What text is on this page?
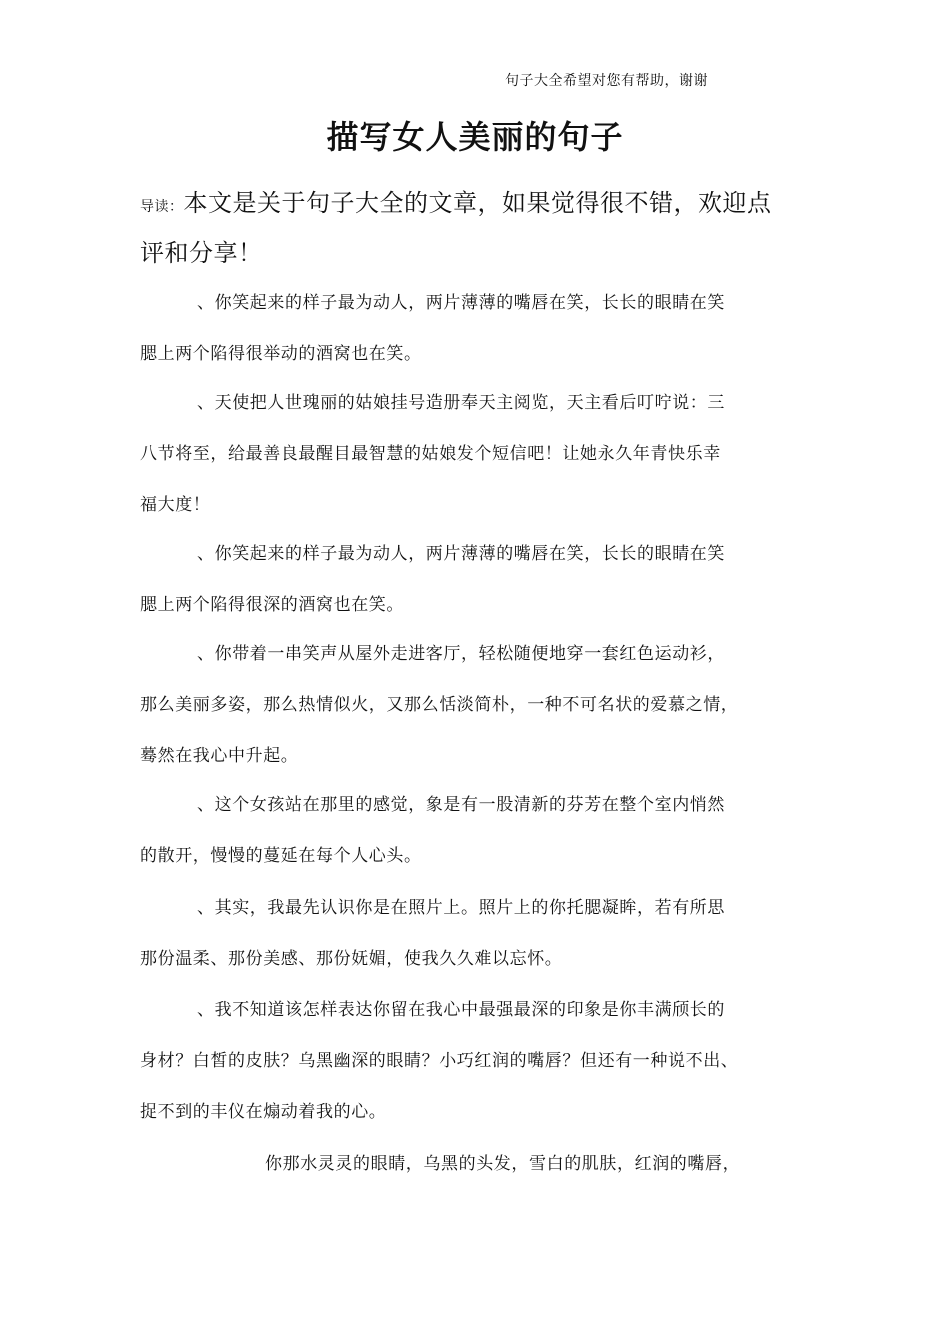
句子大全希望对您有帮助，谢谢
描写女人美丽的句子
导读：本文是关于句子大全的文章，如果觉得很不错，欢迎点
评和分享！
、你笑起来的样子最为动人，两片薄薄的嘴唇在笑，长长的眼睛在笑
腮上两个陷得很举动的酒窝也在笑。
、天使把人世瑰丽的姑娘挂号造册奉天主阅览，天主看后叮咛说：三
八节将至，给最善良最醒目最智慧的姑娘发个短信吧！让她永久年青快乐幸
福大度！
、你笑起来的样子最为动人，两片薄薄的嘴唇在笑，长长的眼睛在笑
腮上两个陷得很深的酒窝也在笑。
、你带着一串笑声从屋外走进客厅，轻松随便地穿一套红色运动衫，
那么美丽多姿，那么热情似火，又那么恬淡简朴，一种不可名状的爱慕之情，
蓦然在我心中升起。
、这个女孩站在那里的感觉，象是有一股清新的芬芳在整个室内悄然
的散开，慢慢的蔓延在每个人心头。
、其实，我最先认识你是在照片上。照片上的你托腮凝眸，若有所思
那份温柔、那份美感、那份妩媚，使我久久难以忘怀。
、我不知道该怎样表达你留在我心中最强最深的印象是你丰满颀长的
身材？白皙的皮肤？乌黑幽深的眼睛？小巧红润的嘴唇？但还有一种说不出、
捉不到的丰仪在煽动着我的心。
你那水灵灵的眼睛，乌黑的头发，雪白的肌肤，红润的嘴唇，
